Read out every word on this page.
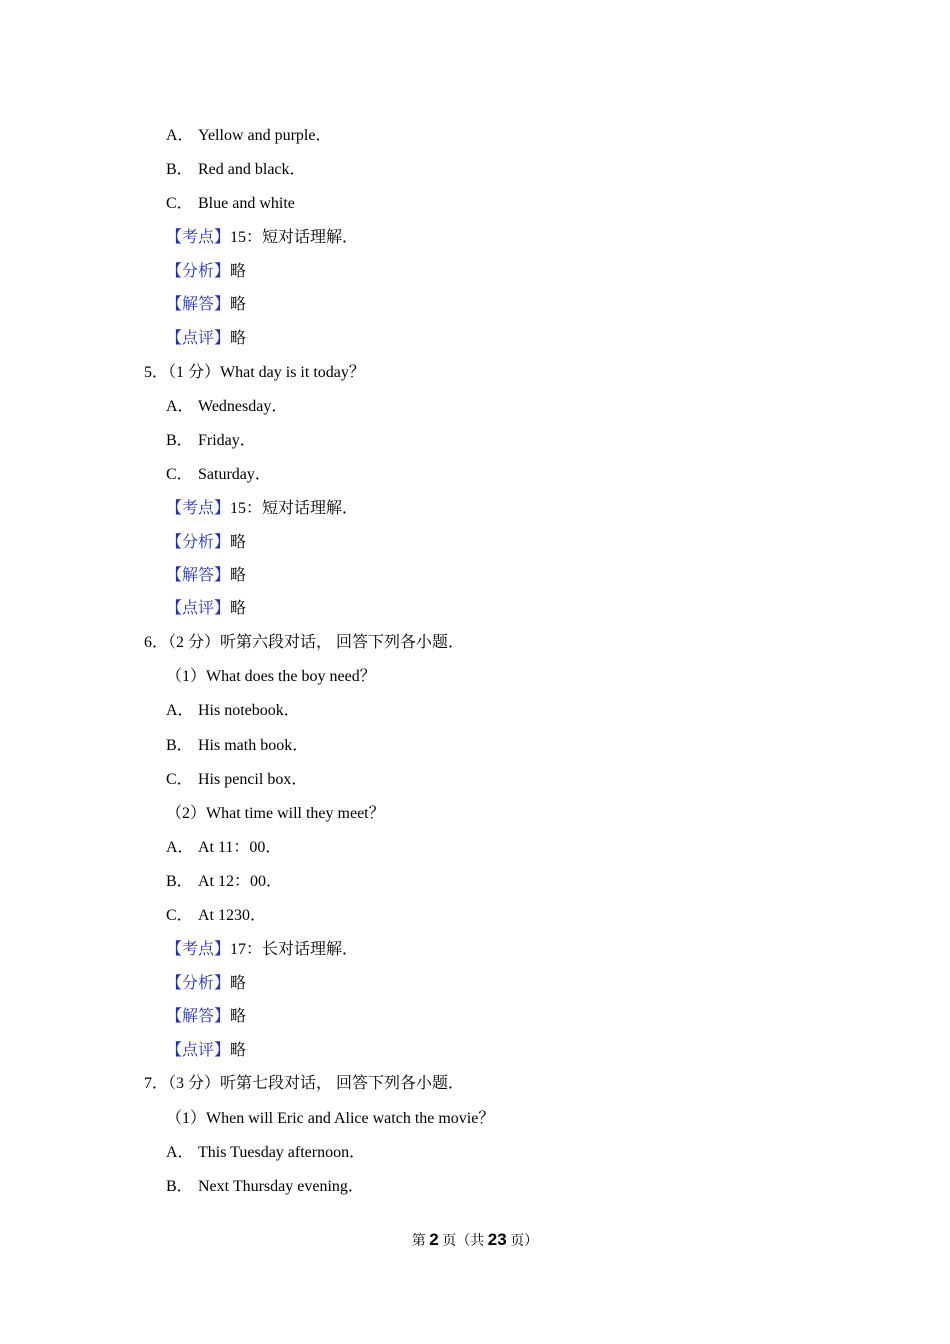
A． Yellow and purple．
B． Red and black．
C． Blue and white
【考点】15：短对话理解．
【分析】略
【解答】略
【点评】略
5．（1 分）What day is it today？
A． Wednesday．
B． Friday．
C． Saturday．
【考点】15：短对话理解．
【分析】略
【解答】略
【点评】略
6．（2 分）听第六段对话， 回答下列各小题．
（1）What does the boy need？
A． His notebook．
B． His math book．
C． His pencil box．
（2）What time will they meet？
A． At 11：00．
B． At 12：00．
C． At 1230．
【考点】17：长对话理解．
【分析】略
【解答】略
【点评】略
7．（3 分）听第七段对话， 回答下列各小题．
（1）When will Eric and Alice watch the movie？
A． This Tuesday afternoon．
B． Next Thursday evening．
第 2 页（共 23 页）
